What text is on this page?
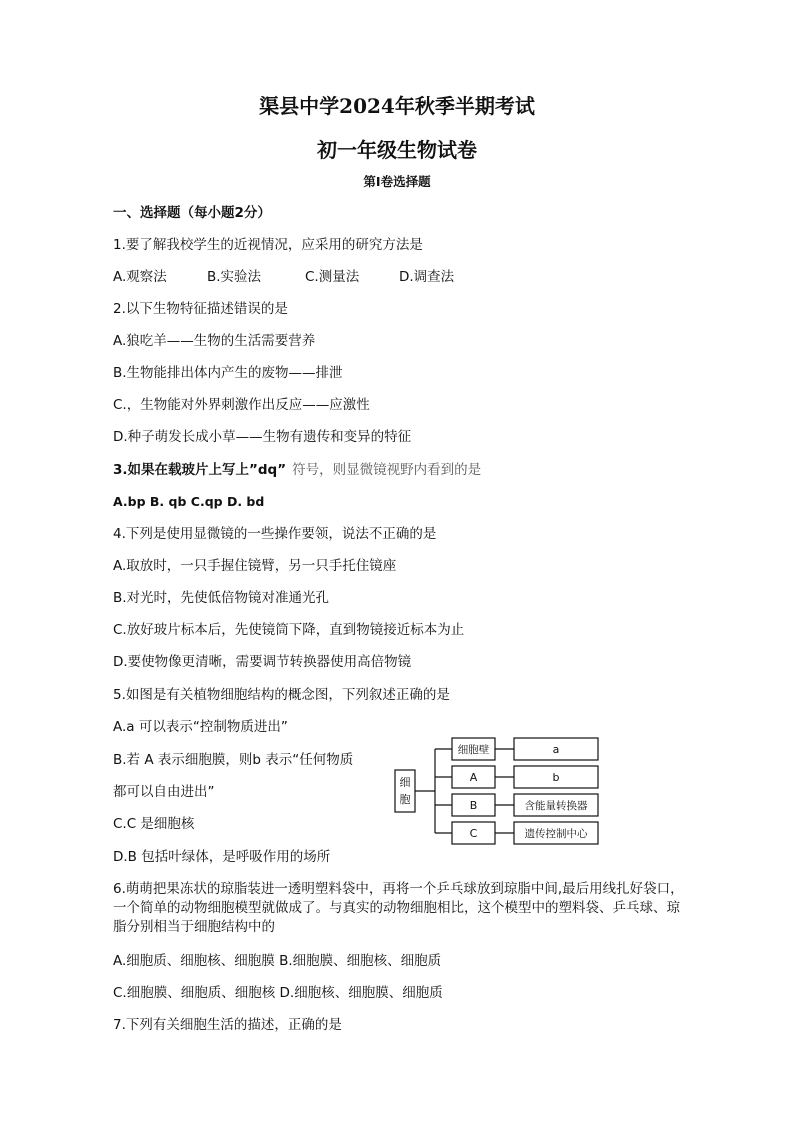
渠县中学2024年秋季半期考试
初一年级生物试卷
第I卷选择题
一、选择题（每小题2分）
1.要了解我校学生的近视情况，应采用的研究方法是
A.观察法	B.实验法	C.测量法	D.调查法
2.以下生物特征描述错误的是
A.狼吃羊——生物的生活需要营养
B.生物能排出体内产生的废物——排泄
C.，生物能对外界刺激作出反应——应激性
D.种子萌发长成小草——生物有遗传和变异的特征
3.如果在载玻片上写上”dq” 符号，则显微镜视野内看到的是
A.bp B. qb C.qp D. bd
4.下列是使用显微镜的一些操作要领，说法不正确的是
A.取放时，一只手握住镜臂，另一只手托住镜座
B.对光时，先使低倍物镜对准通光孔
C.放好玻片标本后，先使镜筒下降，直到物镜接近标本为止
D.要使物像更清晰，需要调节转换器使用高倍物镜
5.如图是有关植物细胞结构的概念图，下列叙述正确的是
A.a 可以表示“控制物质进出”
B.若 A 表示细胞膜，则b 表示“任何物质
都可以自由进出”
C.C 是细胞核
D.B 包括叶绿体，是呼吸作用的场所
细
胞
细胞壁
A
B
C
a
b
含能量转换器
遗传控制中心
6.萌萌把果冻状的琼脂装进一透明塑料袋中，再将一个乒乓球放到琼脂中间,最后用线扎好袋口，一个简单的动物细胞模型就做成了。与真实的动物细胞相比，这个模型中的塑料袋、乒乓球、琼脂分别相当于细胞结构中的
A.细胞质、细胞核、细胞膜 B.细胞膜、细胞核、细胞质
C.细胞膜、细胞质、细胞核 D.细胞核、细胞膜、细胞质
7.下列有关细胞生活的描述，正确的是
